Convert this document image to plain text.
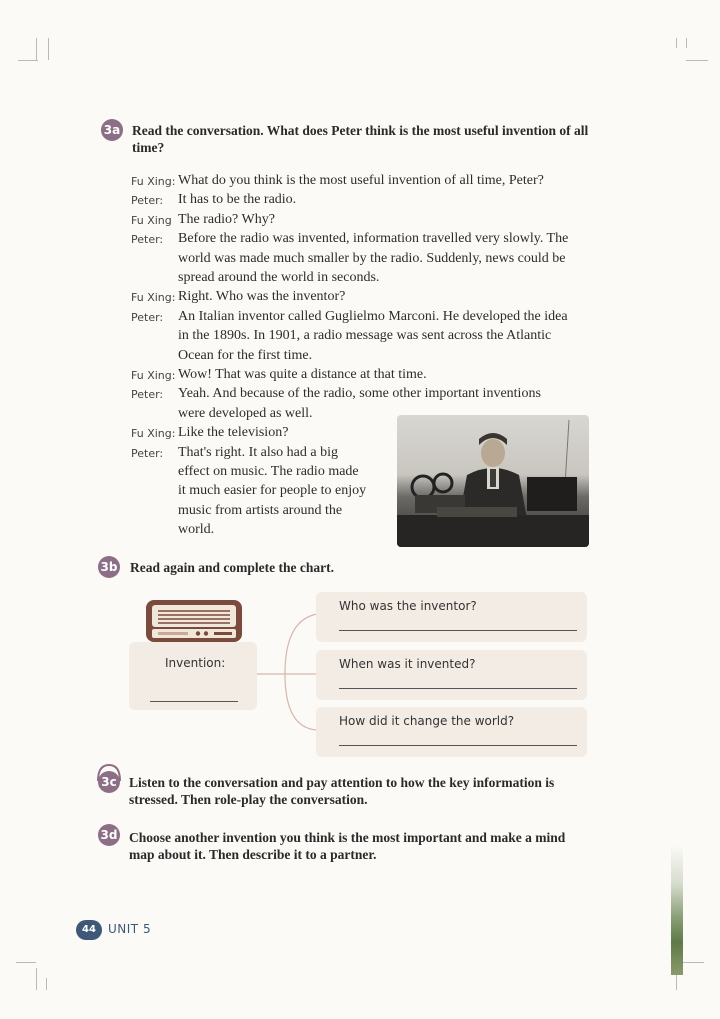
3a Read the conversation. What does Peter think is the most useful invention of all time?
Fu Xing: What do you think is the most useful invention of all time, Peter?
Peter: It has to be the radio.
Fu Xing The radio? Why?
Peter: Before the radio was invented, information travelled very slowly. The
world was made much smaller by the radio. Suddenly, news could be
spread around the world in seconds.
Fu Xing: Right. Who was the inventor?
Peter: An Italian inventor called Guglielmo Marconi. He developed the idea
in the 1890s. In 1901, a radio message was sent across the Atlantic
Ocean for the first time.
Fu Xing: Wow! That was quite a distance at that time.
Peter: Yeah. And because of the radio, some other important inventions
were developed as well.
Fu Xing: Like the television?
Peter: That's right. It also had a big
effect on music. The radio made
it much easier for people to enjoy
music from artists around the
world.
3b Read again and complete the chart.
Invention:
Who was the inventor?
When was it invented?
How did it change the world?
3c Listen to the conversation and pay attention to how the key information is stressed. Then role-play the conversation.
3d Choose another invention you think is the most important and make a mind map about it. Then describe it to a partner.
44	UNIT 5
